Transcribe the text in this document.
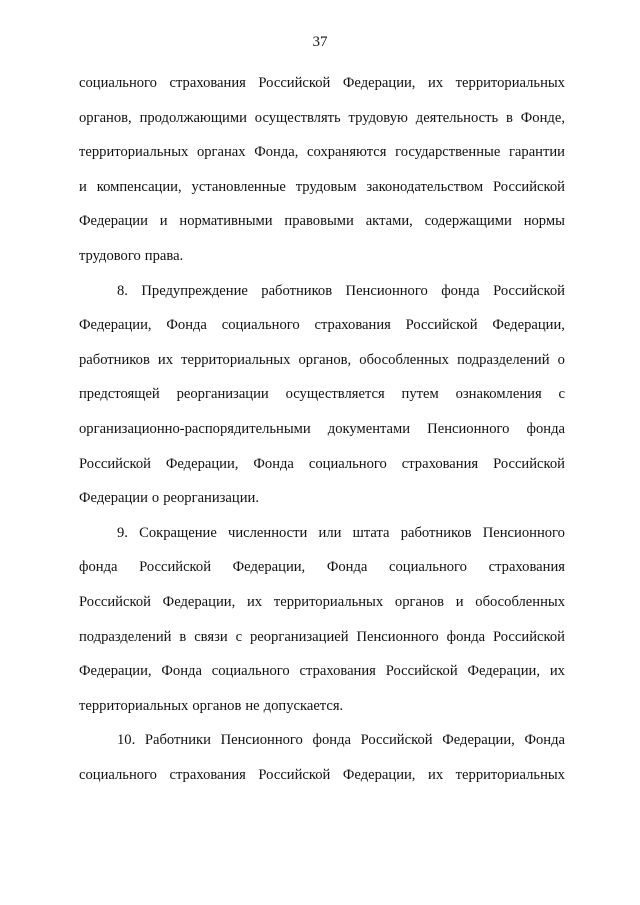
37
социального страхования Российской Федерации, их территориальных
органов, продолжающими осуществлять трудовую деятельность в Фонде,
территориальных органах Фонда, сохраняются государственные гарантии
и компенсации, установленные трудовым законодательством Российской
Федерации и нормативными правовыми актами, содержащими нормы
трудового права.
8. Предупреждение работников Пенсионного фонда Российской
Федерации, Фонда социального страхования Российской Федерации,
работников их территориальных органов, обособленных подразделений о
предстоящей реорганизации осуществляется путем ознакомления с
организационно-распорядительными документами Пенсионного фонда
Российской Федерации, Фонда социального страхования Российской
Федерации о реорганизации.
9. Сокращение численности или штата работников Пенсионного
фонда Российской Федерации, Фонда социального страхования
Российской Федерации, их территориальных органов и обособленных
подразделений в связи с реорганизацией Пенсионного фонда Российской
Федерации, Фонда социального страхования Российской Федерации, их
территориальных органов не допускается.
10. Работники Пенсионного фонда Российской Федерации, Фонда
социального страхования Российской Федерации, их территориальных
